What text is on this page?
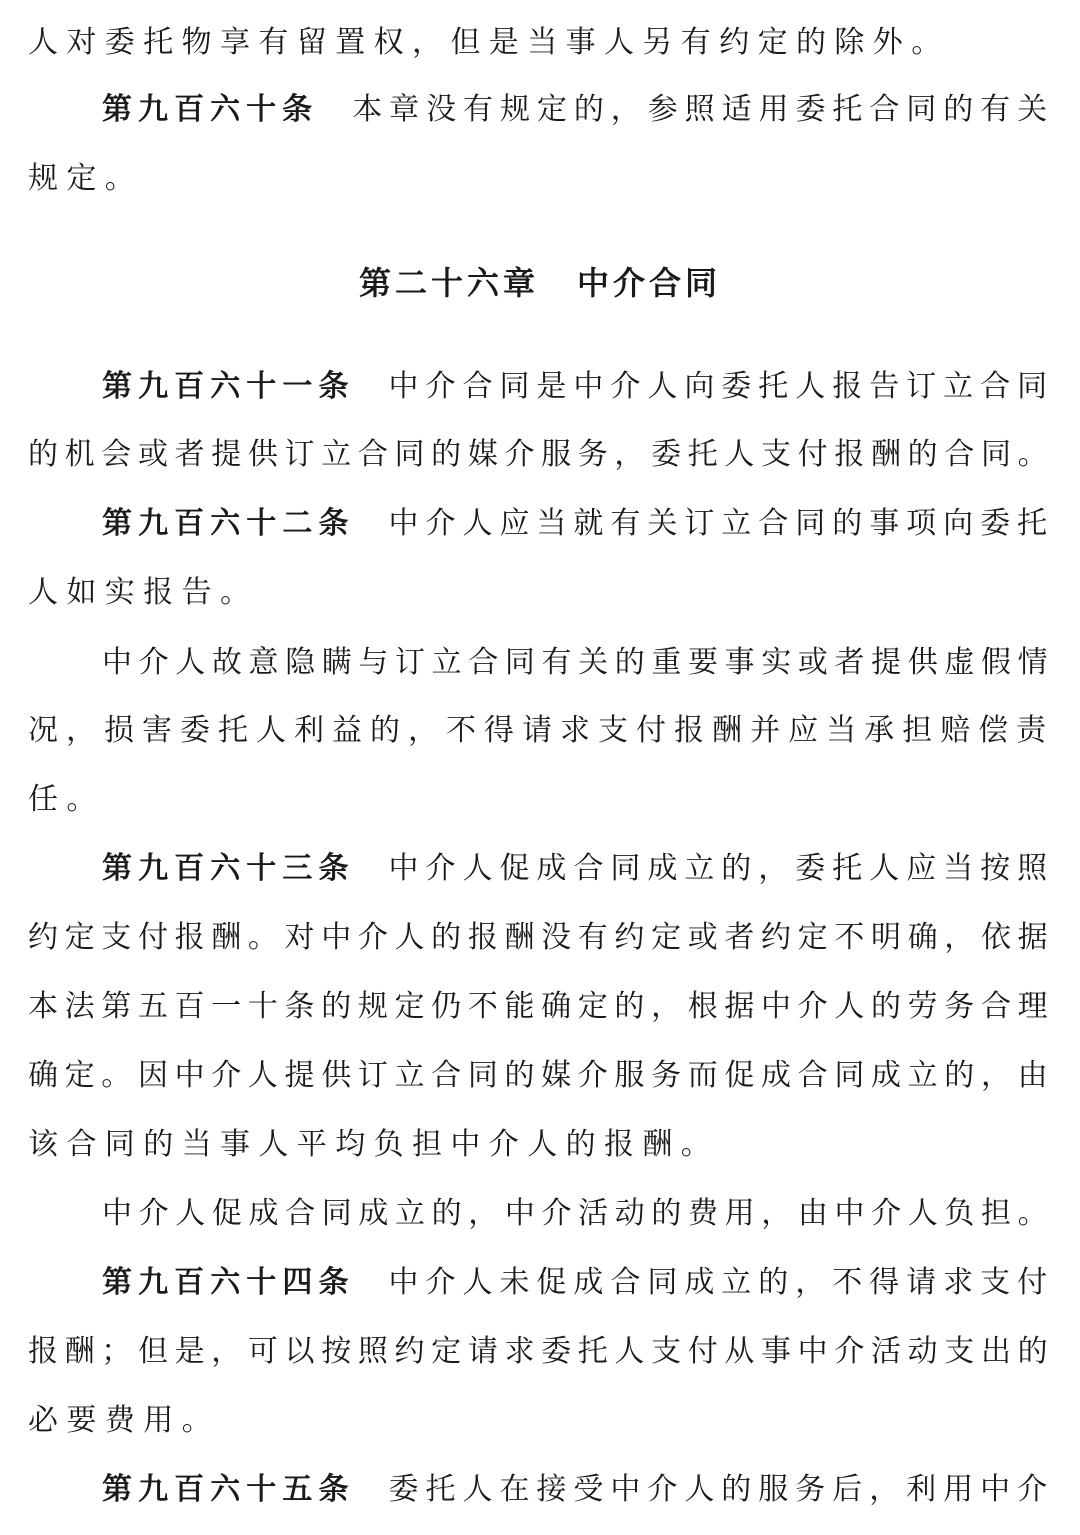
人对委托物享有留置权，但是当事人另有约定的除外。
第九百六十条 本章没有规定的，参照适用委托合同的有关
规定。
第二十六章 中介合同
第九百六十一条 中介合同是中介人向委托人报告订立合同
的机会或者提供订立合同的媒介服务，委托人支付报酬的合同。
第九百六十二条 中介人应当就有关订立合同的事项向委托
人如实报告。
中介人故意隐瞒与订立合同有关的重要事实或者提供虚假情
况，损害委托人利益的，不得请求支付报酬并应当承担赔偿责
任。
第九百六十三条 中介人促成合同成立的，委托人应当按照
约定支付报酬。对中介人的报酬没有约定或者约定不明确，依据
本法第五百一十条的规定仍不能确定的，根据中介人的劳务合理
确定。因中介人提供订立合同的媒介服务而促成合同成立的，由
该合同的当事人平均负担中介人的报酬。
中介人促成合同成立的，中介活动的费用，由中介人负担。
第九百六十四条 中介人未促成合同成立的，不得请求支付
报酬；但是，可以按照约定请求委托人支付从事中介活动支出的
必要费用。
第九百六十五条 委托人在接受中介人的服务后，利用中介
